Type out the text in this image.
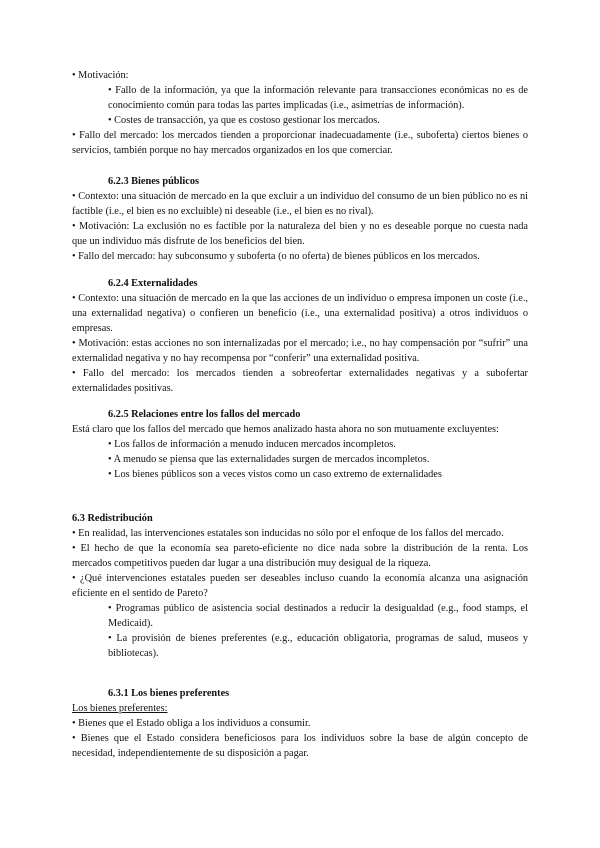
• Motivación:

• Fallo de la información, ya que la información relevante para transacciones económicas no es de conocimiento común para todas las partes implicadas (i.e., asimetrías de información).

• Costes de transacción, ya que es costoso gestionar los mercados.

• Fallo del mercado: los mercados tienden a proporcionar inadecuadamente (i.e., suboferta) ciertos bienes o servicios, también porque no hay mercados organizados en los que comerciar.

6.2.3 Bienes públicos

• Contexto: una situación de mercado en la que excluir a un individuo del consumo de un bien público no es ni factible (i.e., el bien es no excluible) ni deseable (i.e., el bien es no rival).

• Motivación: La exclusión no es factible por la naturaleza del bien y no es deseable porque no cuesta nada que un individuo más disfrute de los beneficios del bien.

• Fallo del mercado: hay subconsumo y suboferta (o no oferta) de bienes públicos en los mercados.

6.2.4 Externalidades

• Contexto: una situación de mercado en la que las acciones de un individuo o empresa imponen un coste (i.e., una externalidad negativa) o confieren un beneficio (i.e., una externalidad positiva) a otros individuos o empresas.

• Motivación: estas acciones no son internalizadas por el mercado; i.e., no hay compensación por “sufrir” una externalidad negativa y no hay recompensa por “conferir” una externalidad positiva.

• Fallo del mercado: los mercados tienden a sobreofertar externalidades negativas y a subofertar externalidades positivas.

6.2.5 Relaciones entre los fallos del mercado

Está claro que los fallos del mercado que hemos analizado hasta ahora no son mutuamente excluyentes:

• Los fallos de información a menudo inducen mercados incompletos.

• A menudo se piensa que las externalidades surgen de mercados incompletos.

• Los bienes públicos son a veces vistos como un caso extremo de externalidades

6.3 Redistribución

• En realidad, las intervenciones estatales son inducidas no sólo por el enfoque de los fallos del mercado.

• El hecho de que la economía sea pareto-eficiente no dice nada sobre la distribución de la renta. Los mercados competitivos pueden dar lugar a una distribución muy desigual de la riqueza.

• ¿Qué intervenciones estatales pueden ser deseables incluso cuando la economía alcanza una asignación eficiente en el sentido de Pareto?

• Programas público de asistencia social destinados a reducir la desigualdad (e.g., food stamps, el Medicaid).

• La provisión de bienes preferentes (e.g., educación obligatoria, programas de salud, museos y bibliotecas).

6.3.1 Los bienes preferentes

Los bienes preferentes:

• Bienes que el Estado obliga a los individuos a consumir.

• Bienes que el Estado considera beneficiosos para los individuos sobre la base de algún concepto de necesidad, independientemente de su disposición a pagar.
